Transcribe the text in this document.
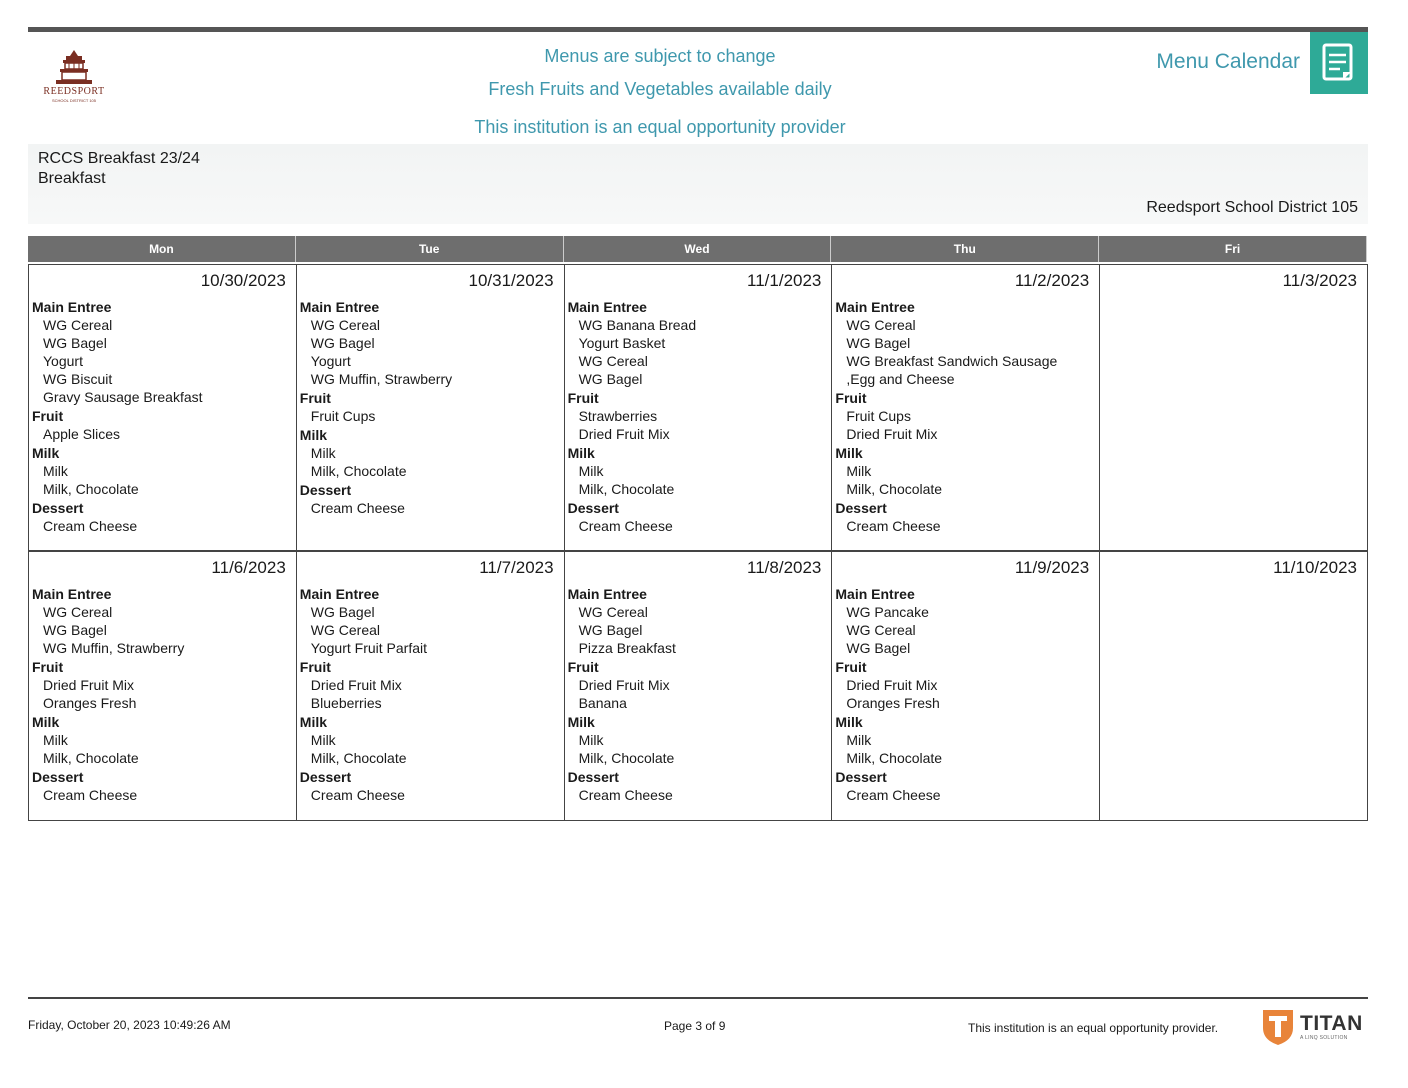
REEDSPORT
SCHOOL DISTRICT 105
Menus are subject to change
Fresh Fruits and Vegetables available daily
This institution is an equal opportunity provider
Menu Calendar
RCCS Breakfast 23/24
Breakfast
Reedsport School District 105
Mon	Tue	Wed	Thu	Fri
10/30/2023
Main Entree
WG Cereal
WG Bagel
Yogurt
WG Biscuit
Gravy Sausage Breakfast
Fruit
Apple Slices
Milk
Milk
Milk, Chocolate
Dessert
Cream Cheese
10/31/2023
Main Entree
WG Cereal
WG Bagel
Yogurt
WG Muffin, Strawberry
Fruit
Fruit Cups
Milk
Milk
Milk, Chocolate
Dessert
Cream Cheese
11/1/2023
Main Entree
WG Banana Bread
Yogurt Basket
WG Cereal
WG Bagel
Fruit
Strawberries
Dried Fruit Mix
Milk
Milk
Milk, Chocolate
Dessert
Cream Cheese
11/2/2023
Main Entree
WG Cereal
WG Bagel
WG Breakfast Sandwich Sausage
,Egg and Cheese
Fruit
Fruit Cups
Dried Fruit Mix
Milk
Milk
Milk, Chocolate
Dessert
Cream Cheese
11/3/2023
11/6/2023
Main Entree
WG Cereal
WG Bagel
WG Muffin, Strawberry
Fruit
Dried Fruit Mix
Oranges Fresh
Milk
Milk
Milk, Chocolate
Dessert
Cream Cheese
11/7/2023
Main Entree
WG Bagel
WG Cereal
Yogurt Fruit Parfait
Fruit
Dried Fruit Mix
Blueberries
Milk
Milk
Milk, Chocolate
Dessert
Cream Cheese
11/8/2023
Main Entree
WG Cereal
WG Bagel
Pizza Breakfast
Fruit
Dried Fruit Mix
Banana
Milk
Milk
Milk, Chocolate
Dessert
Cream Cheese
11/9/2023
Main Entree
WG Pancake
WG Cereal
WG Bagel
Fruit
Dried Fruit Mix
Oranges Fresh
Milk
Milk
Milk, Chocolate
Dessert
Cream Cheese
11/10/2023
Friday, October 20, 2023 10:49:26 AM	Page 3 of 9	This institution is an equal opportunity provider.	TITAN
A LINQ SOLUTION
